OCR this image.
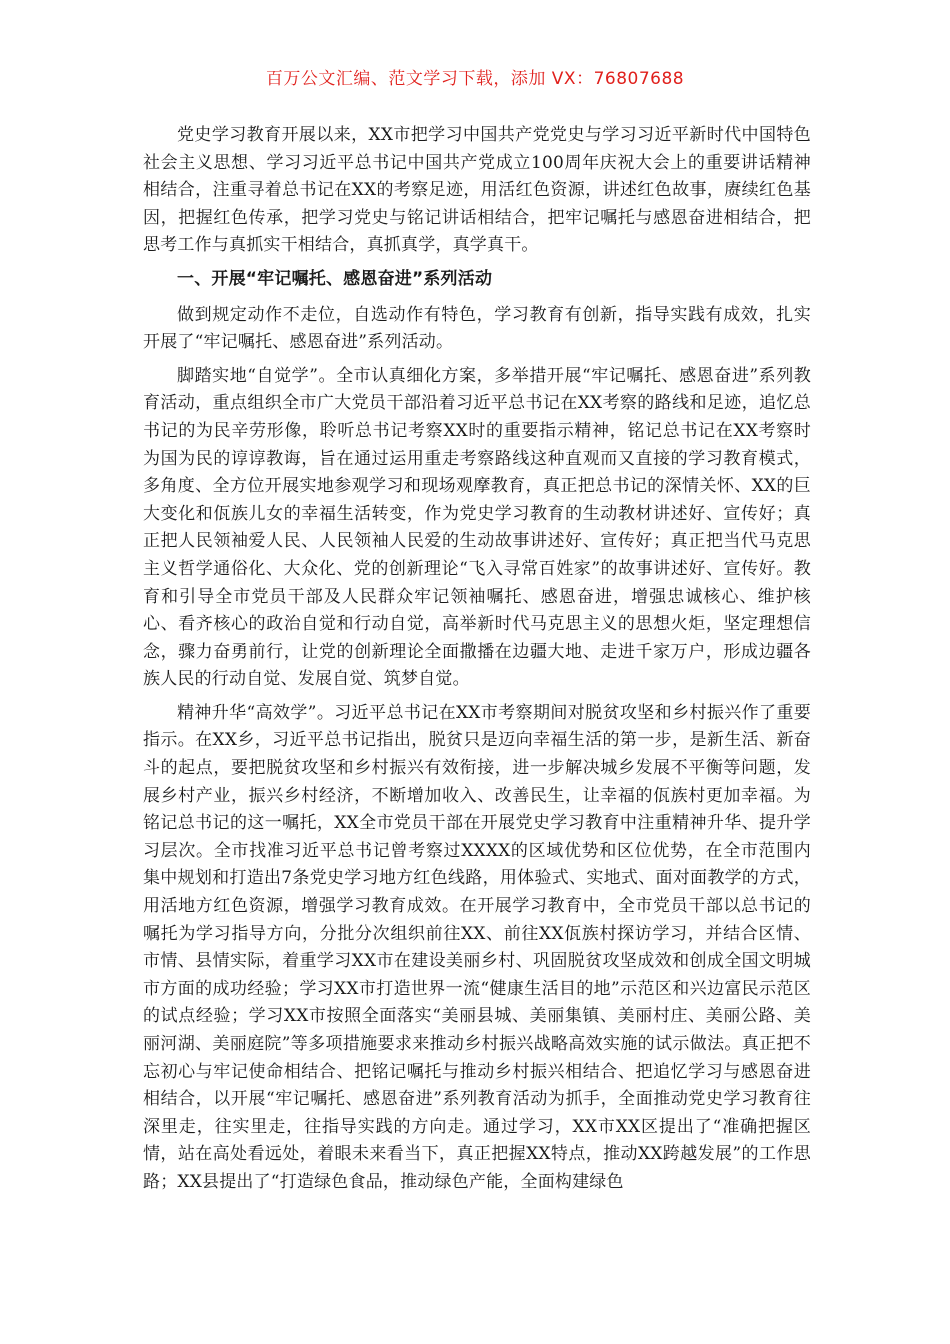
百万公文汇编、范文学习下载，添加 VX：76807688

党史学习教育开展以来，XX市把学习中国共产党党史与学习习近平新时代中国特色社会主义思想、学习习近平总书记中国共产党成立100周年庆祝大会上的重要讲话精神相结合，注重寻着总书记在XX的考察足迹，用活红色资源，讲述红色故事，赓续红色基因，把握红色传承，把学习党史与铭记讲话相结合，把牢记嘱托与感恩奋进相结合，把思考工作与真抓实干相结合，真抓真学，真学真干。

一、开展“牢记嘱托、感恩奋进”系列活动

做到规定动作不走位，自选动作有特色，学习教育有创新，指导实践有成效，扎实开展了“牢记嘱托、感恩奋进”系列活动。

脚踏实地“自觉学”。全市认真细化方案，多举措开展“牢记嘱托、感恩奋进”系列教育活动，重点组织全市广大党员干部沿着习近平总书记在XX考察的路线和足迹，追忆总书记的为民辛劳形像，聆听总书记考察XX时的重要指示精神，铭记总书记在XX考察时为国为民的谆谆教诲，旨在通过运用重走考察路线这种直观而又直接的学习教育模式，多角度、全方位开展实地参观学习和现场观摩教育，真正把总书记的深情关怀、XX的巨大变化和佤族儿女的幸福生活转变，作为党史学习教育的生动教材讲述好、宣传好；真正把人民领袖爱人民、人民领袖人民爱的生动故事讲述好、宣传好；真正把当代马克思主义哲学通俗化、大众化、党的创新理论“飞入寻常百姓家”的故事讲述好、宣传好。教育和引导全市党员干部及人民群众牢记领袖嘱托、感恩奋进，增强忠诚核心、维护核心、看齐核心的政治自觉和行动自觉，高举新时代马克思主义的思想火炬，坚定理想信念，骤力奋勇前行，让党的创新理论全面撒播在边疆大地、走进千家万户，形成边疆各族人民的行动自觉、发展自觉、筑梦自觉。

精神升华“高效学”。习近平总书记在XX市考察期间对脱贫攻坚和乡村振兴作了重要指示。在XX乡，习近平总书记指出，脱贫只是迈向幸福生活的第一步，是新生活、新奋斗的起点，要把脱贫攻坚和乡村振兴有效衔接，进一步解决城乡发展不平衡等问题，发展乡村产业，振兴乡村经济，不断增加收入、改善民生，让幸福的佤族村更加幸福。为铭记总书记的这一嘱托，XX全市党员干部在开展党史学习教育中注重精神升华、提升学习层次。全市找准习近平总书记曾考察过XXXX的区域优势和区位优势，在全市范围内集中规划和打造出7条党史学习地方红色线路，用体验式、实地式、面对面教学的方式，用活地方红色资源，增强学习教育成效。在开展学习教育中，全市党员干部以总书记的嘱托为学习指导方向，分批分次组织前往XX、前往XX佤族村探访学习，并结合区情、市情、县情实际，着重学习XX市在建设美丽乡村、巩固脱贫攻坚成效和创成全国文明城市方面的成功经验；学习XX市打造世界一流“健康生活目的地”示范区和兴边富民示范区的试点经验；学习XX市按照全面落实“美丽县城、美丽集镇、美丽村庄、美丽公路、美丽河湖、美丽庭院”等多项措施要求来推动乡村振兴战略高效实施的试示做法。真正把不忘初心与牢记使命相结合、把铭记嘱托与推动乡村振兴相结合、把追忆学习与感恩奋进相结合，以开展“牢记嘱托、感恩奋进”系列教育活动为抓手，全面推动党史学习教育往深里走，往实里走，往指导实践的方向走。通过学习，XX市XX区提出了“准确把握区情，站在高处看远处，着眼未来看当下，真正把握XX特点，推动XX跨越发展”的工作思路；XX县提出了“打造绿色食品，推动绿色产能，全面构建绿色
